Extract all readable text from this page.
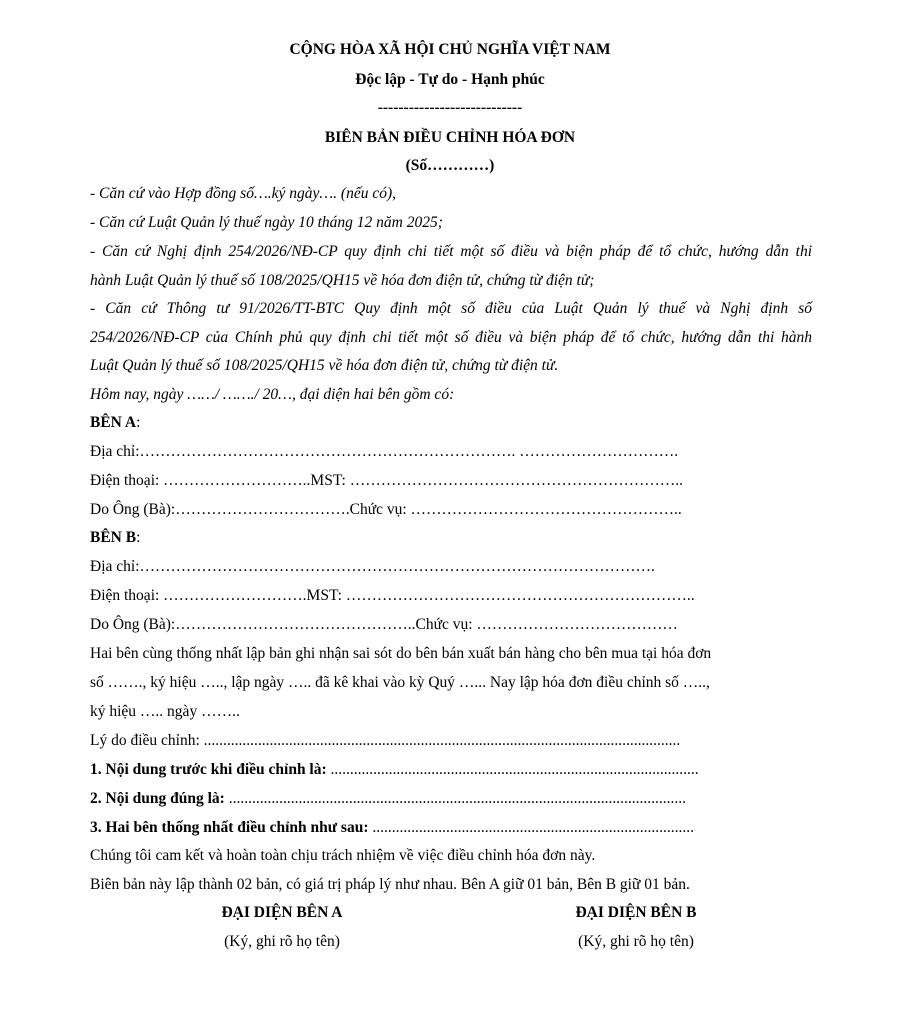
CỘNG HÒA XÃ HỘI CHỦ NGHĨA VIỆT NAM
Độc lập - Tự do - Hạnh phúc
----------------------------
BIÊN BẢN ĐIỀU CHỈNH HÓA ĐƠN
(Số…………)
- Căn cứ vào Hợp đồng số….ký ngày…. (nếu có),
- Căn cứ Luật Quản lý thuế ngày 10 tháng 12 năm 2025;
- Căn cứ Nghị định 254/2026/NĐ-CP quy định chi tiết một số điều và biện pháp để tổ chức, hướng dẫn thi
hành Luật Quản lý thuế số 108/2025/QH15 về hóa đơn điện tử, chứng từ điện tử;
- Căn cứ Thông tư 91/2026/TT-BTC Quy định một số điều của Luật Quản lý thuế và Nghị định số
254/2026/NĐ-CP của Chính phủ quy định chi tiết một số điều và biện pháp để tổ chức, hướng dẫn thi hành
Luật Quản lý thuế số 108/2025/QH15 về hóa đơn điện tử, chứng từ điện tử.
Hôm nay, ngày ……/ ……./ 20…, đại diện hai bên gồm có:
BÊN A:
Địa chỉ:………………………………………………………………. ………………………….
Điện thoại: ………………………..MST: ………………………………………………………..
Do Ông (Bà):…………………………….Chức vụ: ……………………………………………..
BÊN B:
Địa chỉ:……………………………………………………………………………………….
Điện thoại: ……………………….MST: …………………………………………………………..
Do Ông (Bà):………………………………………..Chức vụ: …………………………………
Hai bên cùng thống nhất lập bản ghi nhận sai sót do bên bán xuất bán hàng cho bên mua tại hóa đơn
số ……., ký hiệu ….., lập ngày ….. đã kê khai vào kỳ Quý …... Nay lập hóa đơn điều chỉnh số …..,
ký hiệu ….. ngày ……..
Lý do điều chỉnh: ...........................................................................................................................
1. Nội dung trước khi điều chỉnh là: ...............................................................................................
2. Nội dung đúng là: ......................................................................................................................
3. Hai bên thống nhất điều chỉnh như sau: ...................................................................................
Chúng tôi cam kết và hoàn toàn chịu trách nhiệm về việc điều chỉnh hóa đơn này.
Biên bản này lập thành 02 bản, có giá trị pháp lý như nhau. Bên A giữ 01 bản, Bên B giữ 01 bản.
ĐẠI DIỆN BÊN A
(Ký, ghi rõ họ tên)
ĐẠI DIỆN BÊN B
(Ký, ghi rõ họ tên)
